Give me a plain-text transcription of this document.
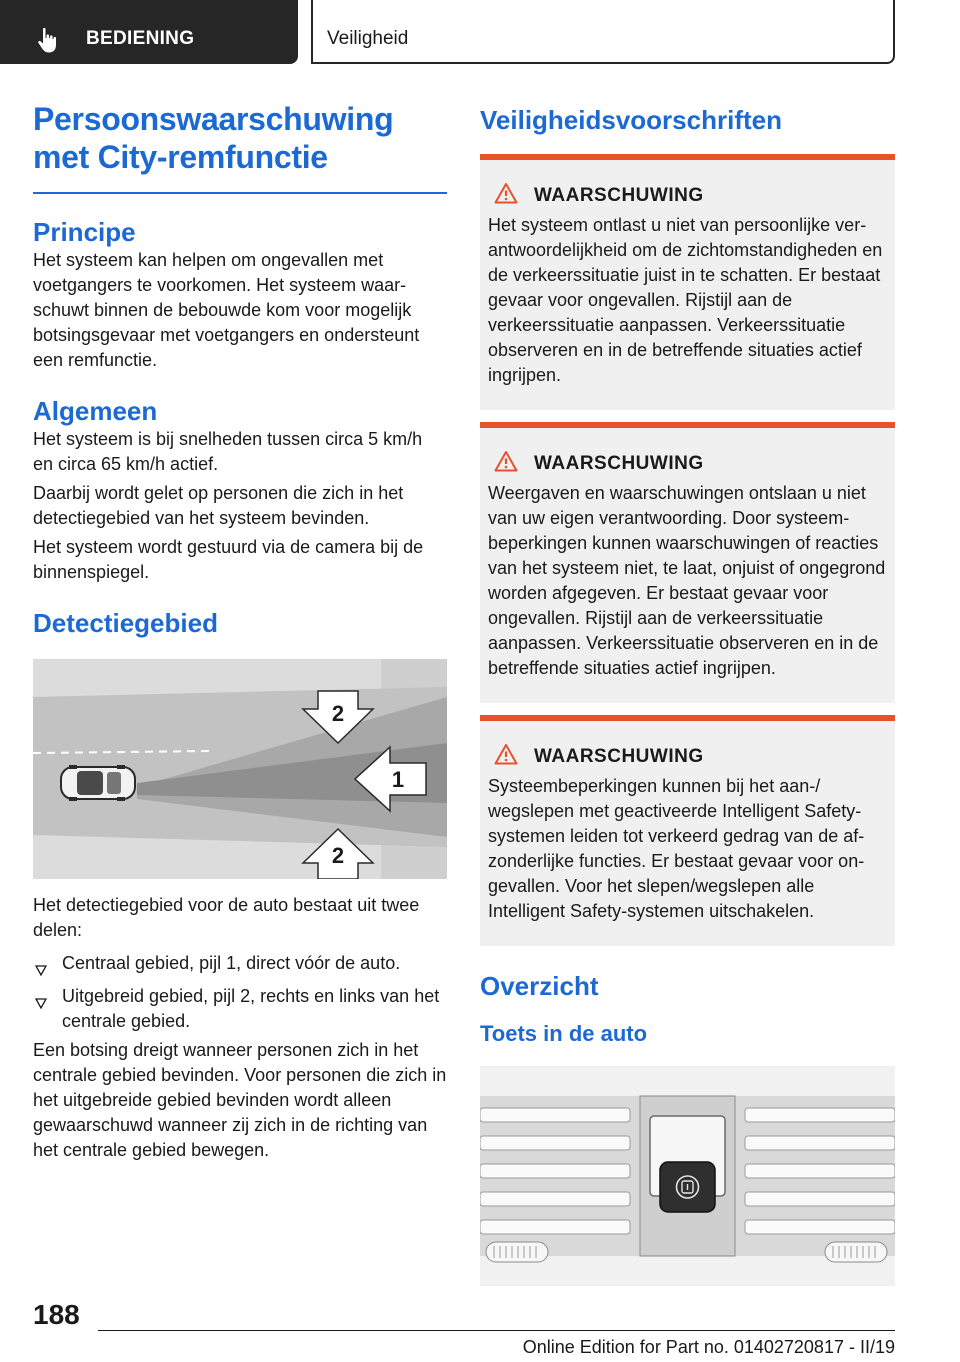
BEDIENING	Veiligheid
Persoonswaarschuwing
met City-remfunctie
Principe

Het systeem kan helpen om ongevallen met voetgangers te voorkomen. Het systeem waarschuwt binnen de bebouwde kom voor mogelijk botsingsgevaar met voetgangers en ondersteunt een remfunctie.

Algemeen

Het systeem is bij snelheden tussen circa 5 km/h en circa 65 km/h actief.

Daarbij wordt gelet op personen die zich in het detectiegebied van het systeem bevinden.

Het systeem wordt gestuurd via de camera bij de binnenspiegel.

Detectiegebied
2
1
2

Het detectiegebied voor de auto bestaat uit twee delen:

Centraal gebied, pijl 1, direct vóór de auto.
Uitgebreid gebied, pijl 2, rechts en links van het centrale gebied.

Een botsing dreigt wanneer personen zich in het centrale gebied bevinden. Voor personen die zich in het uitgebreide gebied bevinden wordt alleen gewaarschuwd wanneer zij zich in de richting van het centrale gebied bewegen.

Veiligheidsvoorschriften
WAARSCHUWING

Het systeem ontlast u niet van persoonlijke verantwoordelijkheid om de zichtomstandigheden en de verkeerssituatie juist in te schatten. Er bestaat gevaar voor ongevallen. Rijstijl aan de verkeerssituatie aanpassen. Verkeerssituatie observeren en in de betreffende situaties actief ingrijpen.

WAARSCHUWING

Weergaven en waarschuwingen ontslaan u niet van uw eigen verantwoording. Door systeembeperkingen kunnen waarschuwingen of reacties van het systeem niet, te laat, onjuist of ongegrond worden afgegeven. Er bestaat gevaar voor ongevallen. Rijstijl aan de verkeerssituatie aanpassen. Verkeerssituatie observeren en in de betreffende situaties actief ingrijpen.

WAARSCHUWING

Systeembeperkingen kunnen bij het aan-/ wegslepen met geactiveerde Intelligent Safety-systemen leiden tot verkeerd gedrag van de afzonderlijke functies. Er bestaat gevaar voor ongevallen. Voor het slepen/wegslepen alle Intelligent Safety-systemen uitschakelen.

Overzicht
Toets in de auto
188
Online Edition for Part no. 01402720817 - II/19
